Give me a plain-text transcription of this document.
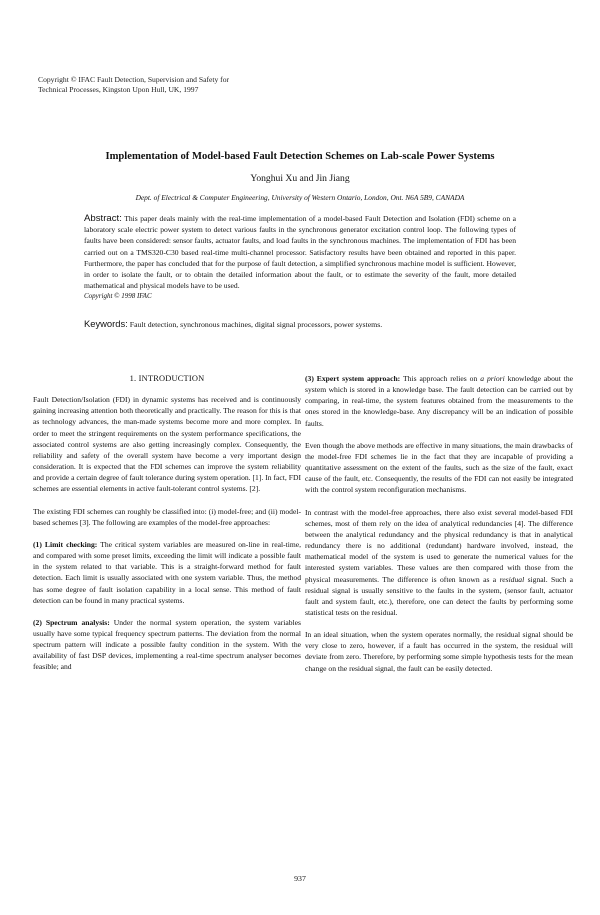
Copyright © IFAC Fault Detection, Supervision and Safety for
Technical Processes, Kingston Upon Hull, UK, 1997
Implementation of Model-based Fault Detection Schemes on Lab-scale Power Systems
Yonghui Xu and Jin Jiang
Dept. of Electrical & Computer Engineering, University of Western Ontario, London, Ont. N6A 5B9, CANADA
Abstract: This paper deals mainly with the real-time implementation of a model-based Fault Detection and Isolation (FDI) scheme on a laboratory scale electric power system to detect various faults in the synchronous generator excitation control loop. The following types of faults have been considered: sensor faults, actuator faults, and load faults in the synchronous machines. The implementation of FDI has been carried out on a TMS320-C30 based real-time multi-channel processor. Satisfactory results have been obtained and reported in this paper. Furthermore, the paper has concluded that for the purpose of fault detection, a simplified synchronous machine model is sufficient. However, in order to isolate the fault, or to obtain the detailed information about the fault, or to estimate the severity of the fault, more detailed mathematical and physical models have to be used.
Copyright © 1998 IFAC
Keywords: Fault detection, synchronous machines, digital signal processors, power systems.
1. INTRODUCTION

Fault Detection/Isolation (FDI) in dynamic systems has received and is continuously gaining increasing attention both theoretically and practically. The reason for this is that as technology advances, the man-made systems become more and more complex. In order to meet the stringent requirements on the system performance specifications, the associated control systems are also getting increasingly complex. Consequently, the reliability and safety of the overall system have become a very important design consideration. It is expected that the FDI schemes can improve the system reliability and provide a certain degree of fault tolerance during system operation. [1]. In fact, FDI schemes are essential elements in active fault-tolerant control systems. [2].

The existing FDI schemes can roughly be classified into: (i) model-free; and (ii) model-based schemes [3]. The following are examples of the model-free approaches:

(1) Limit checking: The critical system variables are measured on-line in real-time, and compared with some preset limits, exceeding the limit will indicate a possible fault in the system related to that variable. This is a straight-forward method for fault detection. Each limit is usually associated with one system variable. Thus, the method has some degree of fault isolation capability in a local sense. This method of fault detection can be found in many practical systems.

(2) Spectrum analysis: Under the normal system operation, the system variables usually have some typical frequency spectrum patterns. The deviation from the normal spectrum pattern will indicate a possible faulty condition in the system. With the availability of fast DSP devices, implementing a real-time spectrum analyser becomes feasible; and

(3) Expert system approach: This approach relies on a priori knowledge about the system which is stored in a knowledge base. The fault detection can be carried out by comparing, in real-time, the system features obtained from the measurements to the ones stored in the knowledge-base. Any discrepancy will be an indication of possible faults.

Even though the above methods are effective in many situations, the main drawbacks of the model-free FDI schemes lie in the fact that they are incapable of providing a quantitative assessment on the extent of the faults, such as the size of the fault, exact cause of the fault, etc. Consequently, the results of the FDI can not easily be integrated with the control system reconfiguration mechanisms.

In contrast with the model-free approaches, there also exist several model-based FDI schemes, most of them rely on the idea of analytical redundancies [4]. The difference between the analytical redundancy and the physical redundancy is that in analytical redundancy there is no additional (redundant) hardware involved, instead, the mathematical model of the system is used to generate the numerical values for the interested system variables. These values are then compared with those from the physical measurements. The difference is often known as a residual signal. Such a residual signal is usually sensitive to the faults in the system, (sensor fault, actuator fault and system fault, etc.), therefore, one can detect the faults by performing some statistical tests on the residual.

In an ideal situation, when the system operates normally, the residual signal should be very close to zero, however, if a fault has occurred in the system, the residual will deviate from zero. Therefore, by performing some simple hypothesis tests for the mean change on the residual signal, the fault can be easily detected.

937
